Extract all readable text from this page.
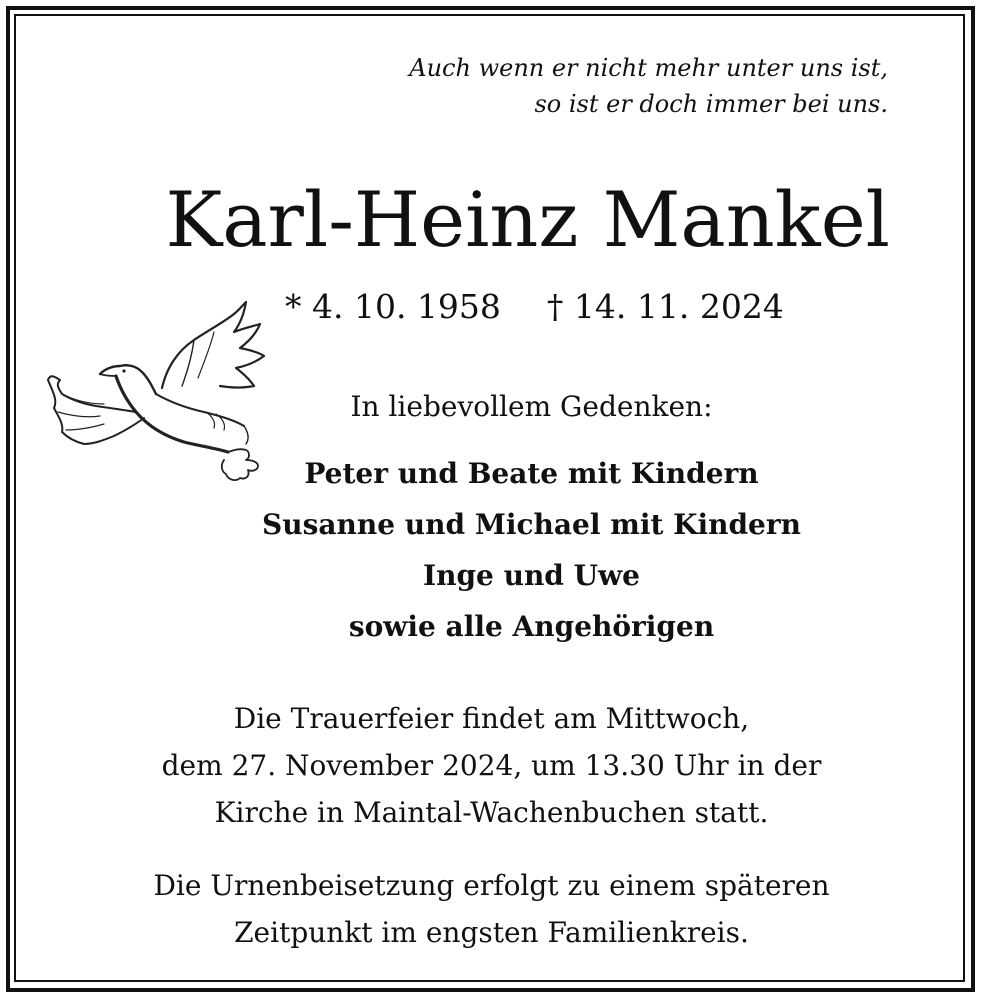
Auch wenn er nicht mehr unter uns ist,
so ist er doch immer bei uns.
Karl-Heinz Mankel
* 4. 10. 1958 † 14. 11. 2024
In liebevollem Gedenken:
Peter und Beate mit Kindern
Susanne und Michael mit Kindern
Inge und Uwe
sowie alle Angehörigen
Die Trauerfeier findet am Mittwoch,
dem 27. November 2024, um 13.30 Uhr in der
Kirche in Maintal-Wachenbuchen statt.
Die Urnenbeisetzung erfolgt zu einem späteren
Zeitpunkt im engsten Familienkreis.
